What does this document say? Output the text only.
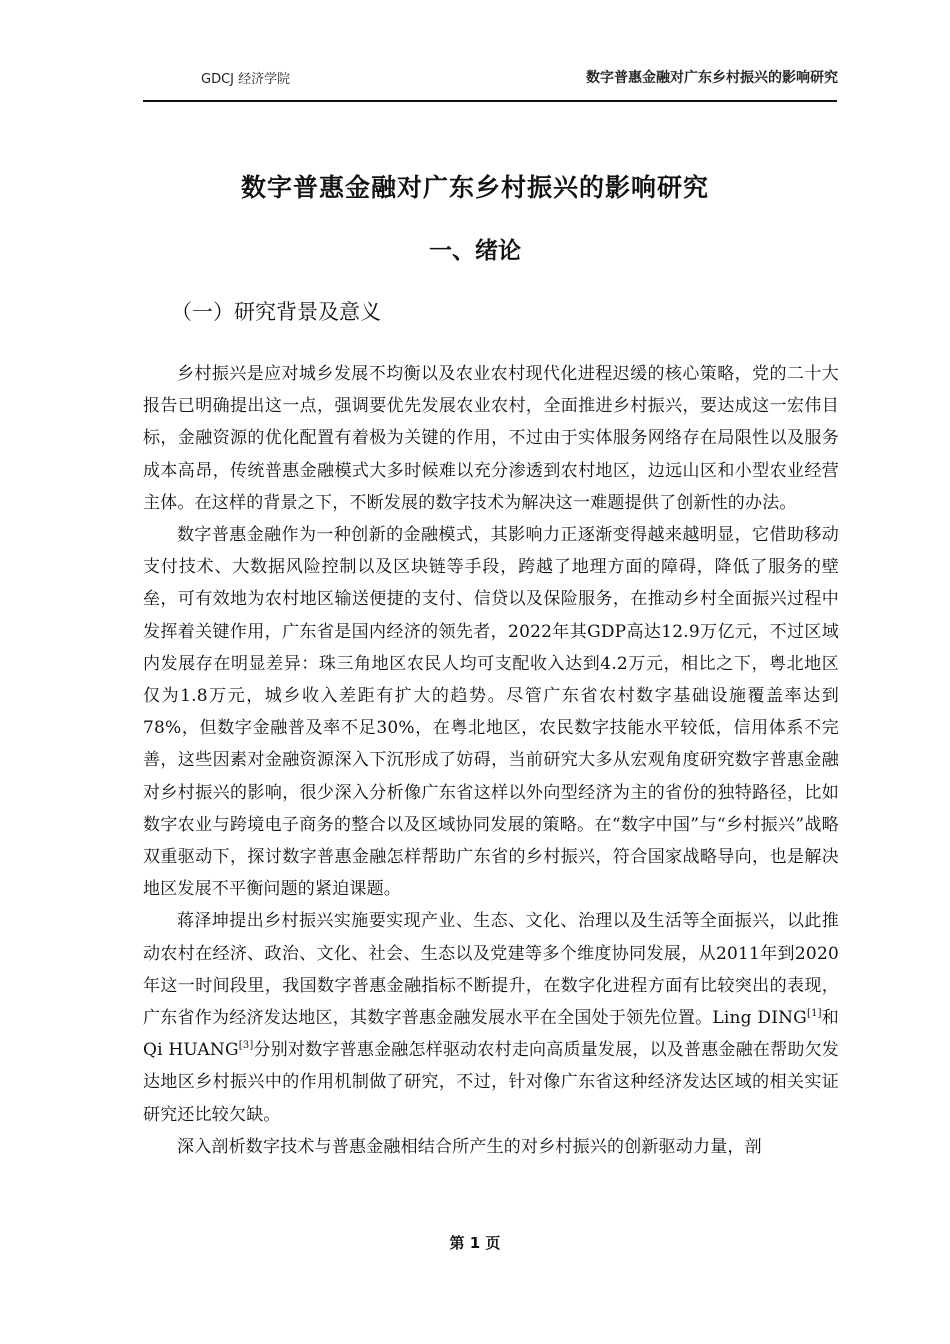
GDCJ 经济学院	数字普惠金融对广东乡村振兴的影响研究
数字普惠金融对广东乡村振兴的影响研究
一、绪论
（一）研究背景及意义

乡村振兴是应对城乡发展不均衡以及农业农村现代化进程迟缓的核心策略，党的二十大报告已明确提出这一点，强调要优先发展农业农村，全面推进乡村振兴，要达成这一宏伟目标，金融资源的优化配置有着极为关键的作用，不过由于实体服务网络存在局限性以及服务成本高昂，传统普惠金融模式大多时候难以充分渗透到农村地区，边远山区和小型农业经营主体。在这样的背景之下，不断发展的数字技术为解决这一难题提供了创新性的办法。

数字普惠金融作为一种创新的金融模式，其影响力正逐渐变得越来越明显，它借助移动支付技术、大数据风险控制以及区块链等手段，跨越了地理方面的障碍，降低了服务的壁垒，可有效地为农村地区输送便捷的支付、信贷以及保险服务，在推动乡村全面振兴过程中发挥着关键作用，广东省是国内经济的领先者，2022年其GDP高达12.9万亿元，不过区域内发展存在明显差异：珠三角地区农民人均可支配收入达到4.2万元，相比之下，粤北地区仅为1.8万元，城乡收入差距有扩大的趋势。尽管广东省农村数字基础设施覆盖率达到78%，但数字金融普及率不足30%，在粤北地区，农民数字技能水平较低，信用体系不完善，这些因素对金融资源深入下沉形成了妨碍，当前研究大多从宏观角度研究数字普惠金融对乡村振兴的影响，很少深入分析像广东省这样以外向型经济为主的省份的独特路径，比如数字农业与跨境电子商务的整合以及区域协同发展的策略。在“数字中国”与“乡村振兴”战略双重驱动下，探讨数字普惠金融怎样帮助广东省的乡村振兴，符合国家战略导向，也是解决地区发展不平衡问题的紧迫课题。

蒋泽坤提出乡村振兴实施要实现产业、生态、文化、治理以及生活等全面振兴，以此推动农村在经济、政治、文化、社会、生态以及党建等多个维度协同发展，从2011年到2020年这一时间段里，我国数字普惠金融指标不断提升，在数字化进程方面有比较突出的表现，广东省作为经济发达地区，其数字普惠金融发展水平在全国处于领先位置。Ling DING[1]和Qi HUANG[3]分别对数字普惠金融怎样驱动农村走向高质量发展，以及普惠金融在帮助欠发达地区乡村振兴中的作用机制做了研究，不过，针对像广东省这种经济发达区域的相关实证研究还比较欠缺。

深入剖析数字技术与普惠金融相结合所产生的对乡村振兴的创新驱动力量，剖

第 1 页
